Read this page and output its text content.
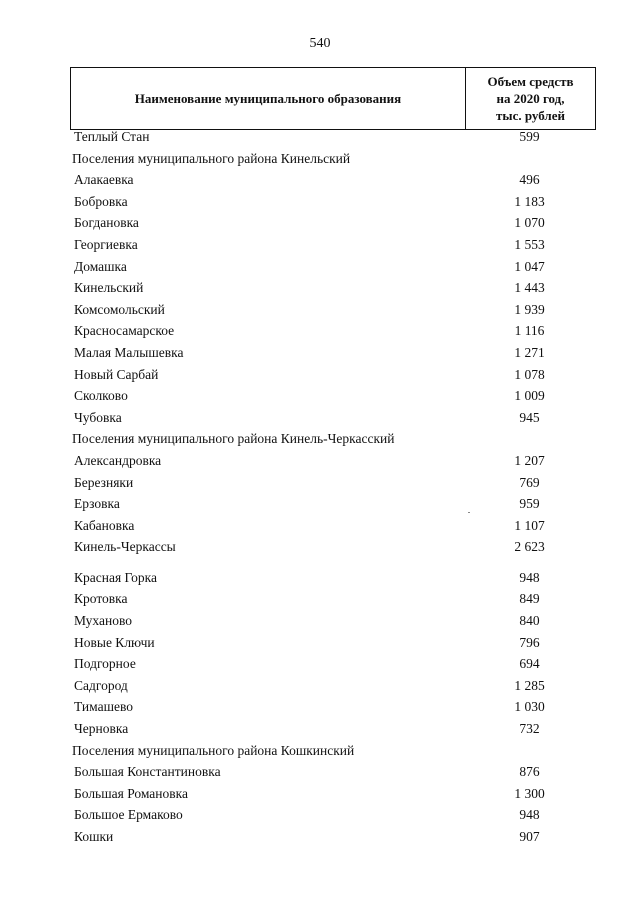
540
Наименование муниципального образования
Объем средств
на 2020 год,
тыс. рублей
Теплый Стан	599
Поселения муниципального района Кинельский
Алакаевка	496
Бобровка	1 183
Богдановка	1 070
Георгиевка	1 553
Домашка	1 047
Кинельский	1 443
Комсомольский	1 939
Красносамарское	1 116
Малая Малышевка	1 271
Новый Сарбай	1 078
Сколково	1 009
Чубовка	945
Поселения муниципального района Кинель-Черкасский
Александровка	1 207
Березняки	769
Ерзовка	959
Кабановка	1 107
Кинель-Черкассы	2 623
Красная Горка	948
Кротовка	849
Муханово	840
Новые Ключи	796
Подгорное	694
Садгород	1 285
Тимашево	1 030
Черновка	732
Поселения муниципального района Кошкинский
Большая Константиновка	876
Большая Романовка	1 300
Большое Ермаково	948
Кошки	907
